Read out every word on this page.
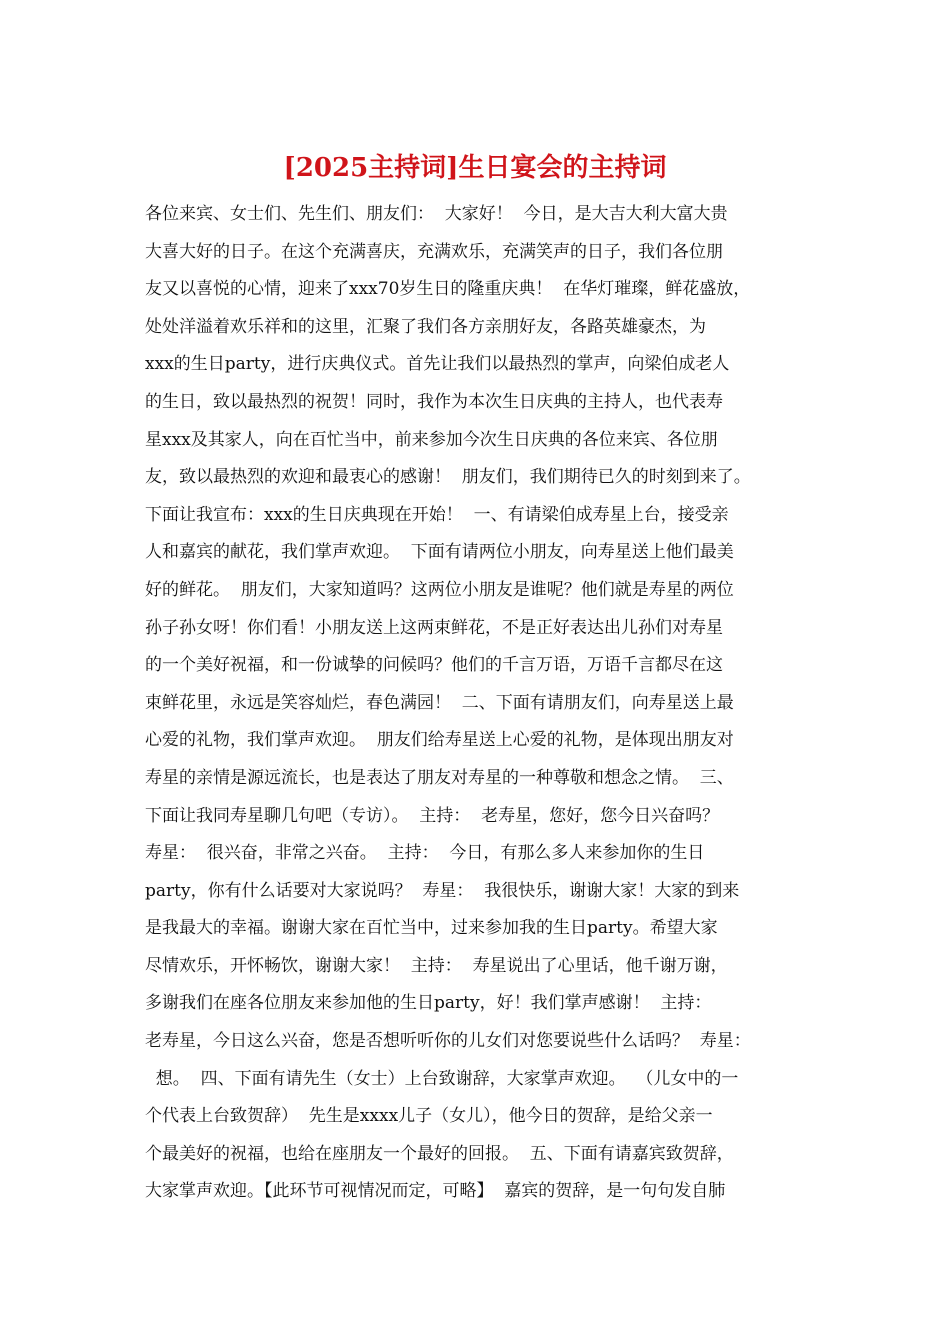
[2025主持词]生日宴会的主持词
各位来宾、女士们、先生们、朋友们：  大家好！  今日，是大吉大利大富大贵
大喜大好的日子。在这个充满喜庆，充满欢乐，充满笑声的日子，我们各位朋
友又以喜悦的心情，迎来了xxx70岁生日的隆重庆典！  在华灯璀璨，鲜花盛放，
处处洋溢着欢乐祥和的这里，汇聚了我们各方亲朋好友，各路英雄豪杰，为
xxx的生日party，进行庆典仪式。首先让我们以最热烈的掌声，向梁伯成老人
的生日，致以最热烈的祝贺！同时，我作为本次生日庆典的主持人，也代表寿
星xxx及其家人，向在百忙当中，前来参加今次生日庆典的各位来宾、各位朋
友，致以最热烈的欢迎和最衷心的感谢！  朋友们，我们期待已久的时刻到来了。
下面让我宣布：xxx的生日庆典现在开始！  一、有请梁伯成寿星上台，接受亲
人和嘉宾的献花，我们掌声欢迎。  下面有请两位小朋友，向寿星送上他们最美
好的鲜花。  朋友们，大家知道吗？这两位小朋友是谁呢？他们就是寿星的两位
孙子孙女呀！你们看！小朋友送上这两束鲜花，不是正好表达出儿孙们对寿星
的一个美好祝福，和一份诚挚的问候吗？他们的千言万语，万语千言都尽在这
束鲜花里，永远是笑容灿烂，春色满园！  二、下面有请朋友们，向寿星送上最
心爱的礼物，我们掌声欢迎。  朋友们给寿星送上心爱的礼物，是体现出朋友对
寿星的亲情是源远流长，也是表达了朋友对寿星的一种尊敬和想念之情。  三、
下面让我同寿星聊几句吧（专访）。  主持：  老寿星，您好，您今日兴奋吗？
寿星：  很兴奋，非常之兴奋。  主持：  今日，有那么多人来参加你的生日
party，你有什么话要对大家说吗？  寿星：  我很快乐，谢谢大家！大家的到来
是我最大的幸福。谢谢大家在百忙当中，过来参加我的生日party。希望大家
尽情欢乐，开怀畅饮，谢谢大家！  主持：  寿星说出了心里话，他千谢万谢，
多谢我们在座各位朋友来参加他的生日party，好！我们掌声感谢！  主持：
老寿星，今日这么兴奋，您是否想听听你的儿女们对您要说些什么话吗？  寿星：
想。  四、下面有请先生（女士）上台致谢辞，大家掌声欢迎。  （儿女中的一
个代表上台致贺辞）  先生是xxxx儿子（女儿），他今日的贺辞，是给父亲一
个最美好的祝福，也给在座朋友一个最好的回报。  五、下面有请嘉宾致贺辞，
大家掌声欢迎。【此环节可视情况而定，可略】  嘉宾的贺辞，是一句句发自肺
